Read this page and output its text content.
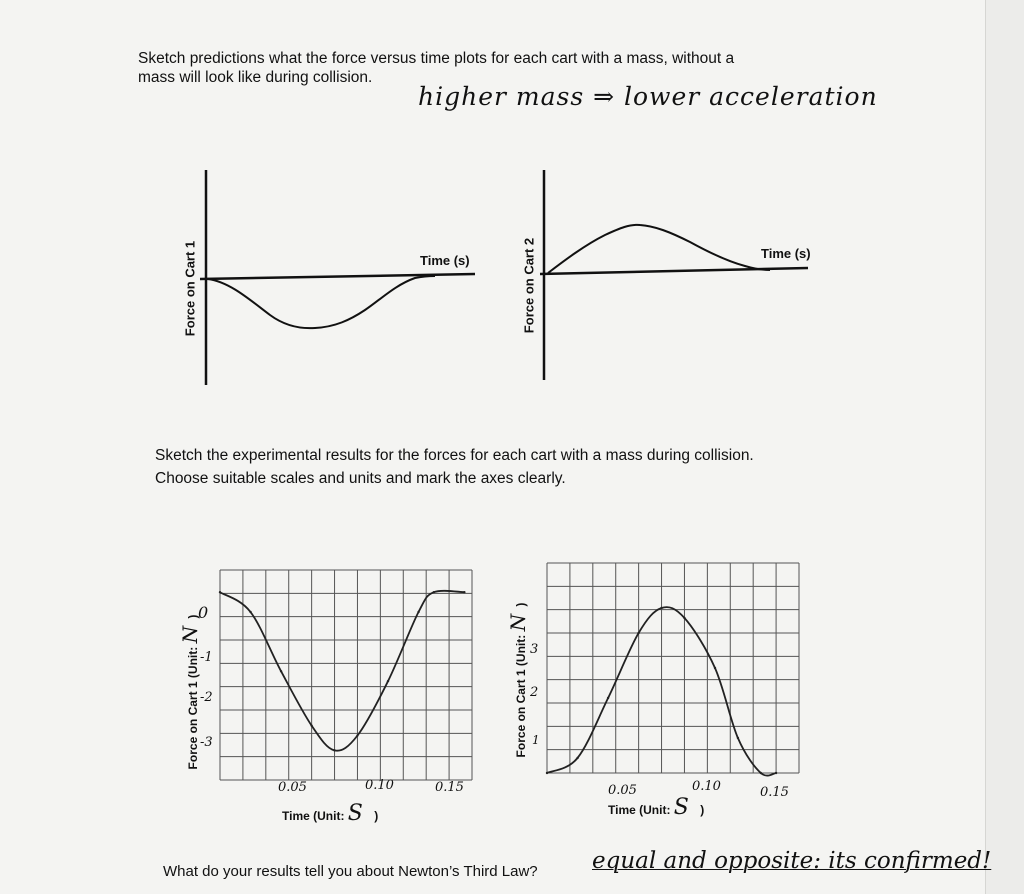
Sketch predictions what the force versus time plots for each cart with a mass, without a
mass will look like during collision.
higher mass ⇒ lower acceleration
Time (s)
Force on Cart 1	Time (s)
Force on Cart 2
Sketch the experimental results for the forces for each cart with a mass during collision.
Choose suitable scales and units and mark the axes clearly.
0.05	0.10	0.15
0
-1
-2
-3
Time (Unit: S )
Force on Cart 1 (Unit: N )
0.05	0.10	0.15
1
2
3
Time (Unit: S )
Force on Cart 1 (Unit: N )
What do your results tell you about Newton’s Third Law? equal and opposite: its confirmed!
